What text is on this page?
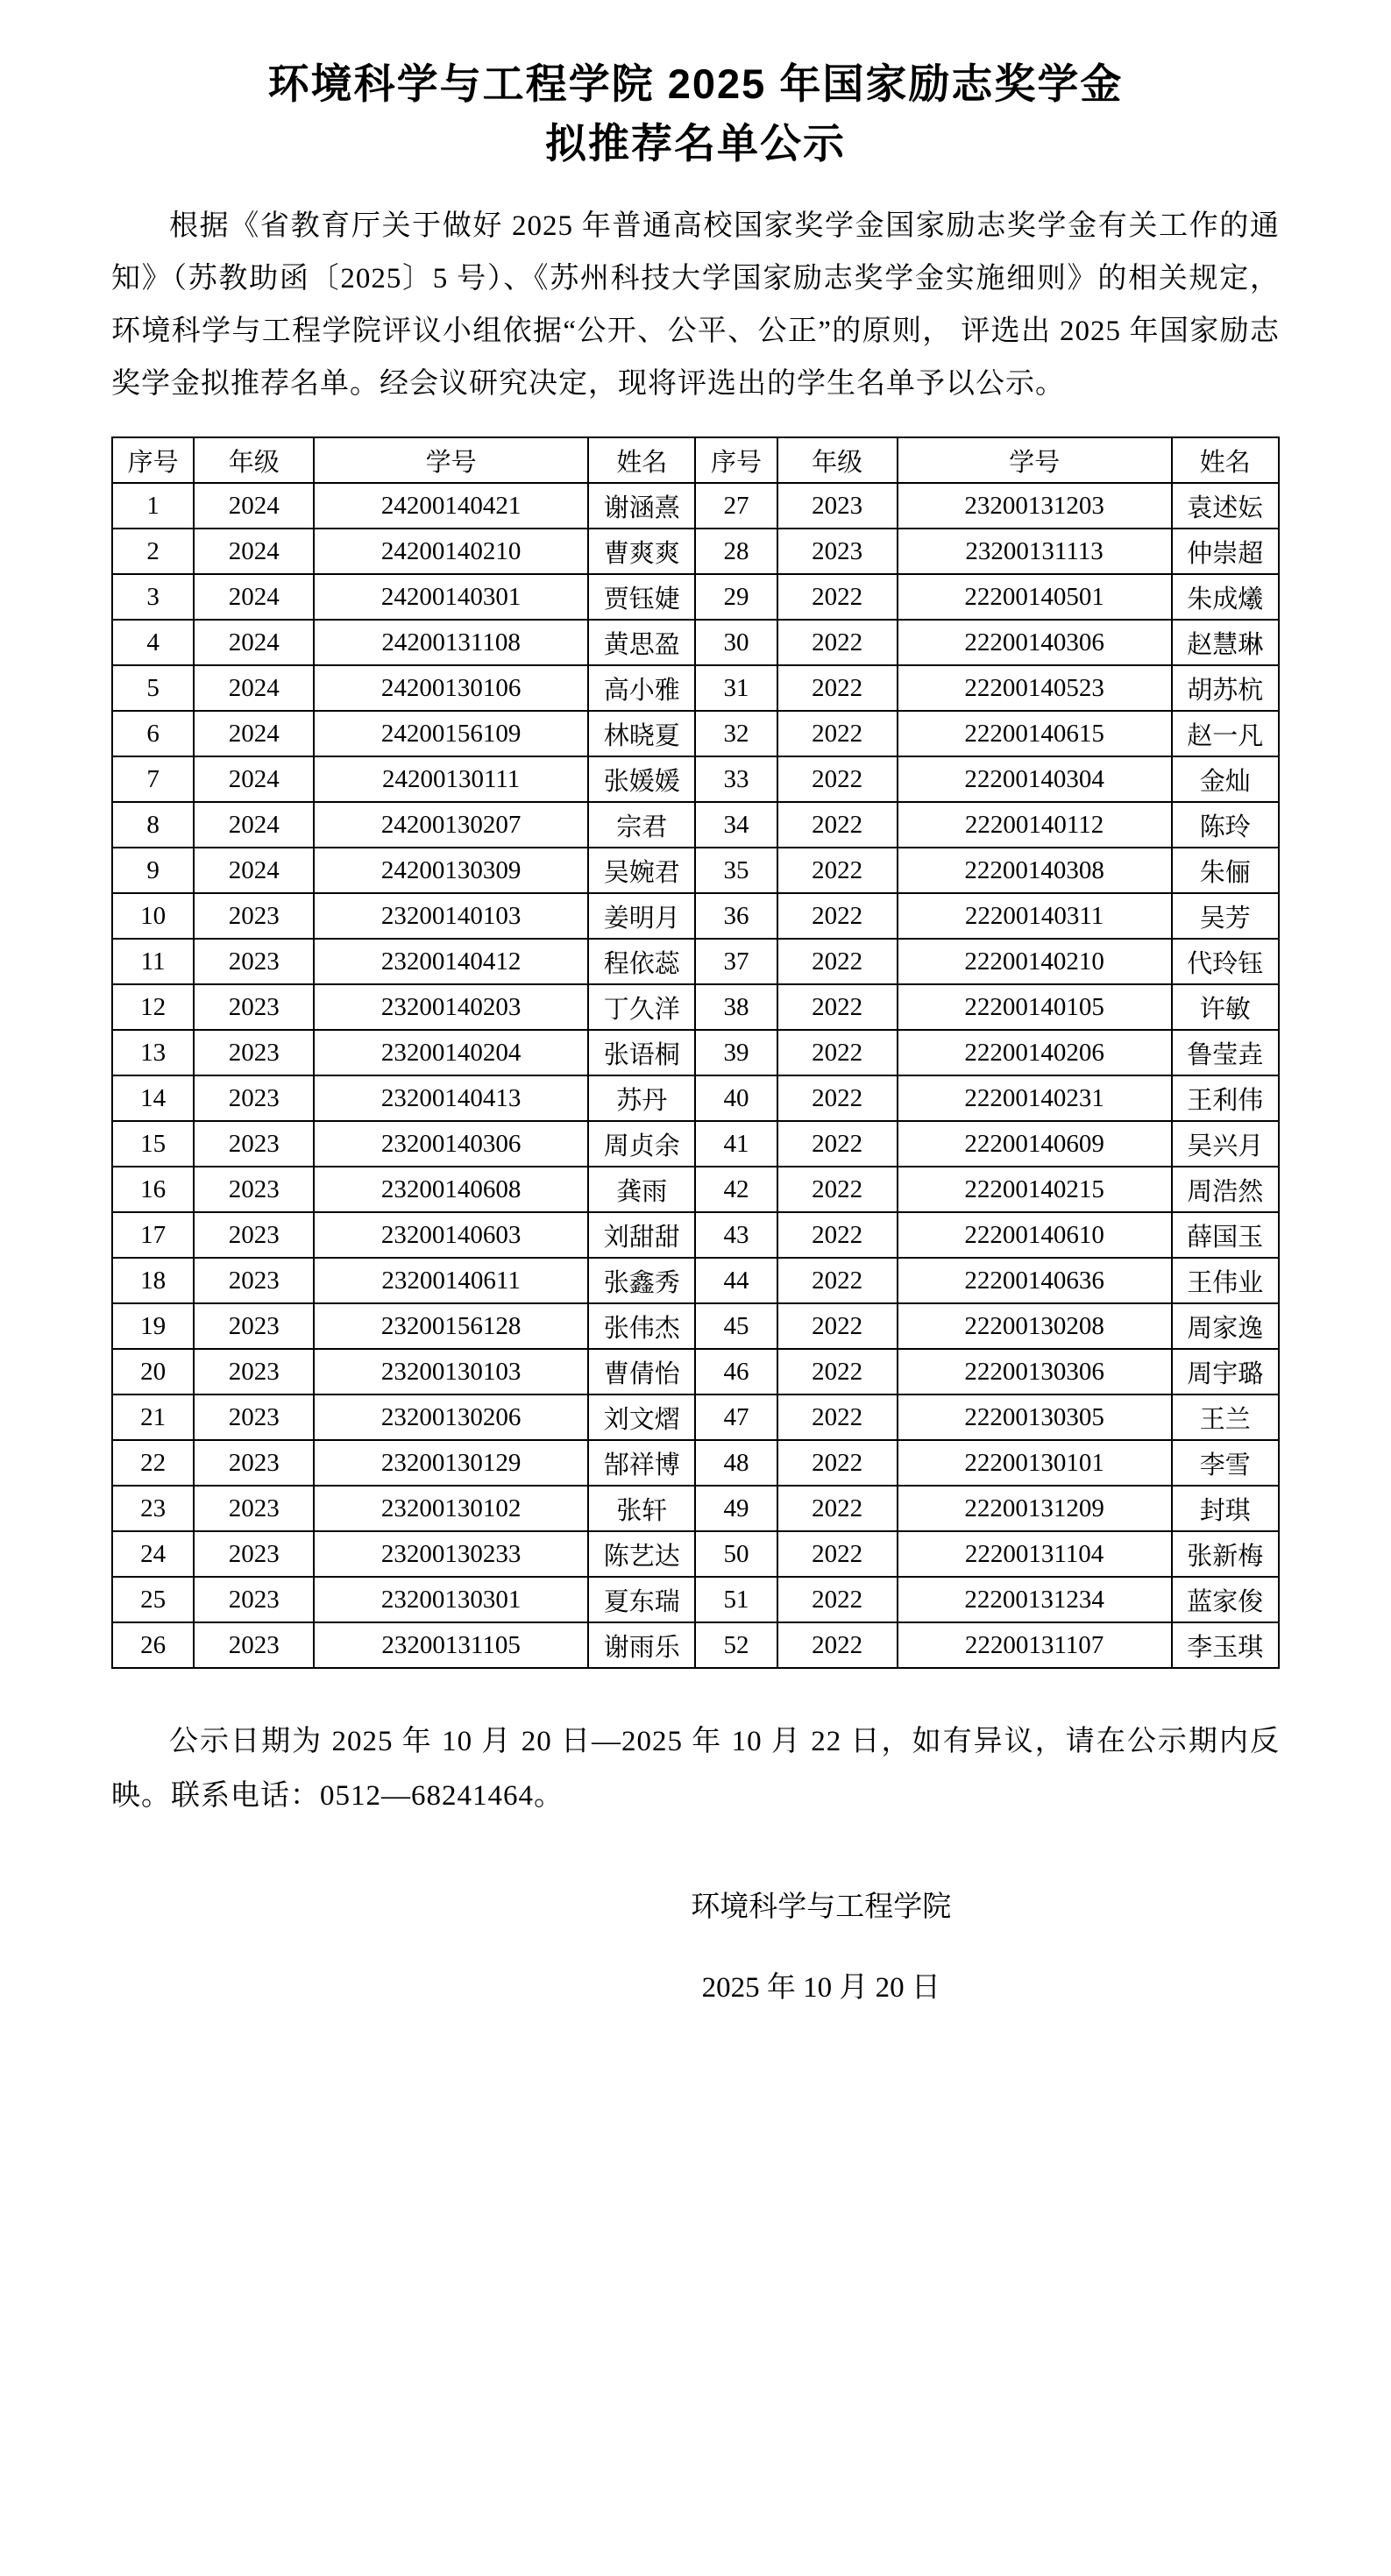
环境科学与工程学院 2025 年国家励志奖学金
拟推荐名单公示

根据《省教育厅关于做好 2025 年普通高校国家奖学金国家励志奖学金有关工作的通知》（苏教助函〔2025〕5 号）、《苏州科技大学国家励志奖学金实施细则》的相关规定，环境科学与工程学院评议小组依据“公开、公平、公正”的原则， 评选出 2025 年国家励志奖学金拟推荐名单。经会议研究决定，现将评选出的学生名单予以公示。

序号	年级	学号	姓名	序号	年级	学号	姓名
1	2024	24200140421	谢涵熹	27	2023	23200131203	袁述妘
2	2024	24200140210	曹爽爽	28	2023	23200131113	仲崇超
3	2024	24200140301	贾钰婕	29	2022	22200140501	朱成爔
4	2024	24200131108	黄思盈	30	2022	22200140306	赵慧琳
5	2024	24200130106	高小雅	31	2022	22200140523	胡苏杭
6	2024	24200156109	林晓夏	32	2022	22200140615	赵一凡
7	2024	24200130111	张媛媛	33	2022	22200140304	金灿
8	2024	24200130207	宗君	34	2022	22200140112	陈玲
9	2024	24200130309	吴婉君	35	2022	22200140308	朱俪
10	2023	23200140103	姜明月	36	2022	22200140311	吴芳
11	2023	23200140412	程依蕊	37	2022	22200140210	代玲钰
12	2023	23200140203	丁久洋	38	2022	22200140105	许敏
13	2023	23200140204	张语桐	39	2022	22200140206	鲁莹垚
14	2023	23200140413	苏丹	40	2022	22200140231	王利伟
15	2023	23200140306	周贞余	41	2022	22200140609	吴兴月
16	2023	23200140608	龚雨	42	2022	22200140215	周浩然
17	2023	23200140603	刘甜甜	43	2022	22200140610	薛国玉
18	2023	23200140611	张鑫秀	44	2022	22200140636	王伟业
19	2023	23200156128	张伟杰	45	2022	22200130208	周家逸
20	2023	23200130103	曹倩怡	46	2022	22200130306	周宇璐
21	2023	23200130206	刘文熠	47	2022	22200130305	王兰
22	2023	23200130129	郜祥博	48	2022	22200130101	李雪
23	2023	23200130102	张轩	49	2022	22200131209	封琪
24	2023	23200130233	陈艺达	50	2022	22200131104	张新梅
25	2023	23200130301	夏东瑞	51	2022	22200131234	蓝家俊
26	2023	23200131105	谢雨乐	52	2022	22200131107	李玉琪

公示日期为 2025 年 10 月 20 日—2025 年 10 月 22 日，如有异议，请在公示期内反映。联系电话：0512—68241464。

环境科学与工程学院
2025 年 10 月 20 日
